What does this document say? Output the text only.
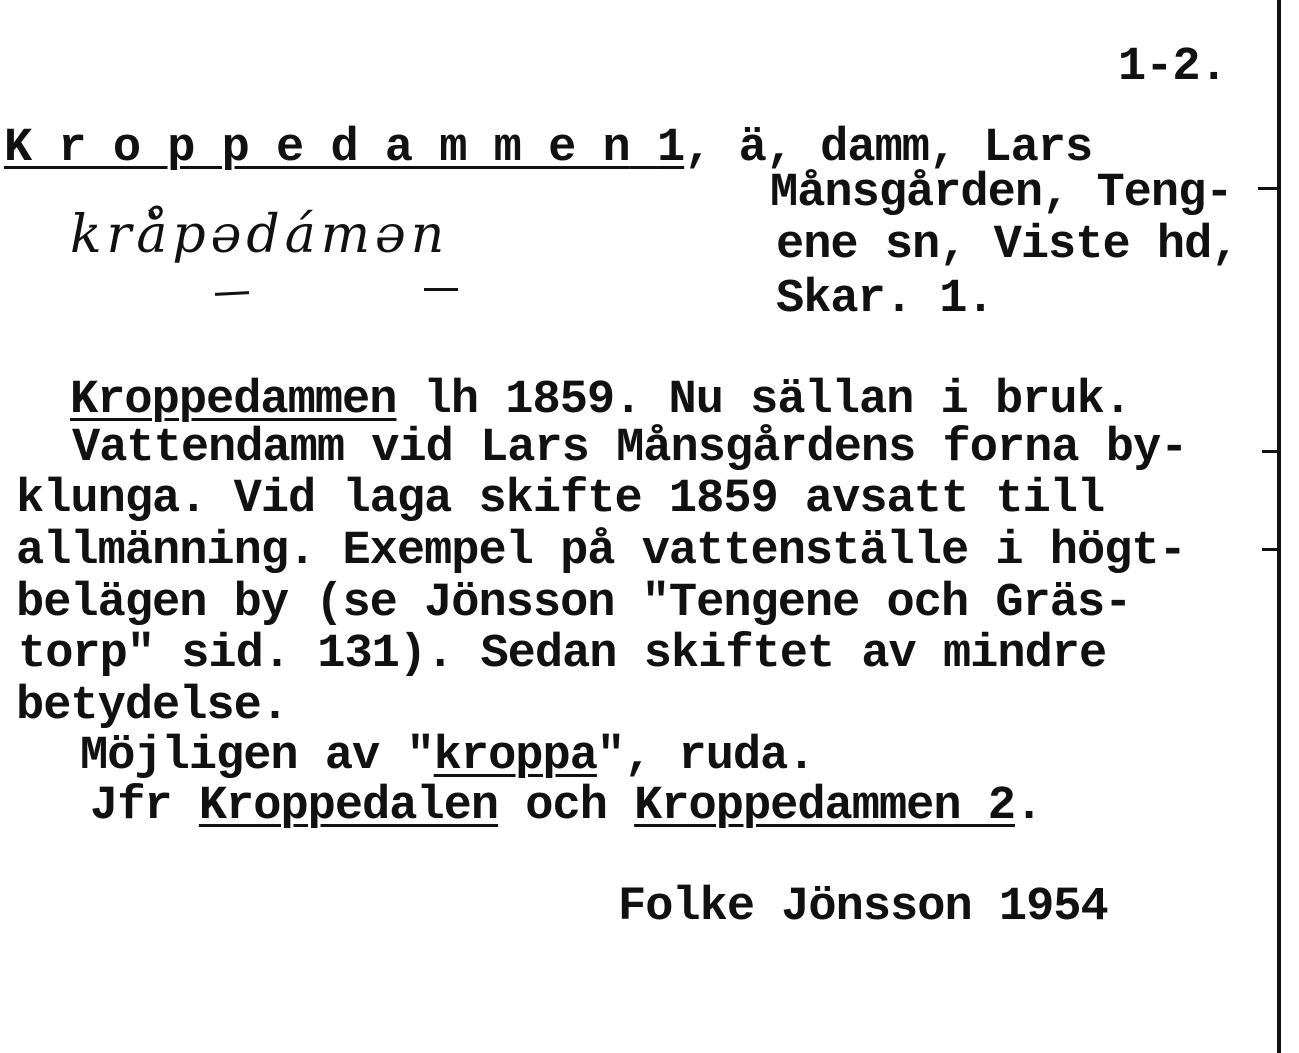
1-2.
K r o p p e d a m m e n 1, ä, damm, Lars
Månsgården, Teng-
ene sn, Viste hd,
Skar. 1.
krå̀pədámən
Kroppedammen lh 1859. Nu sällan i bruk.
Vattendamm vid Lars Månsgårdens forna by-
klunga. Vid laga skifte 1859 avsatt till
allmänning. Exempel på vattenställe i högt-
belägen by (se Jönsson "Tengene och Gräs-
torp" sid. 131). Sedan skiftet av mindre
betydelse.
Möjligen av "kroppa", ruda.
Jfr Kroppedalen och Kroppedammen 2.
Folke Jönsson 1954
